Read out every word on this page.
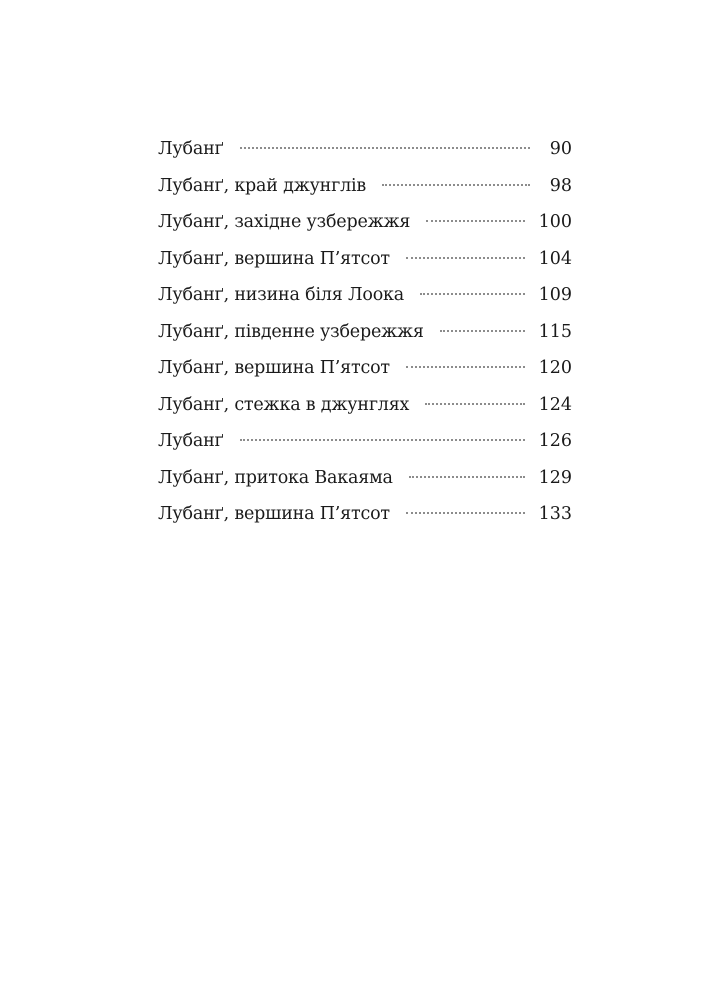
Лубанґ	90
Лубанґ, край джунглів	98
Лубанґ, західне узбережжя	100
Лубанґ, вершина П’ятсот	104
Лубанґ, низина біля Лоока	109
Лубанґ, південне узбережжя	115
Лубанґ, вершина П’ятсот	120
Лубанґ, стежка в джунглях	124
Лубанґ	126
Лубанґ, притока Вакаяма	129
Лубанґ, вершина П’ятсот	133
